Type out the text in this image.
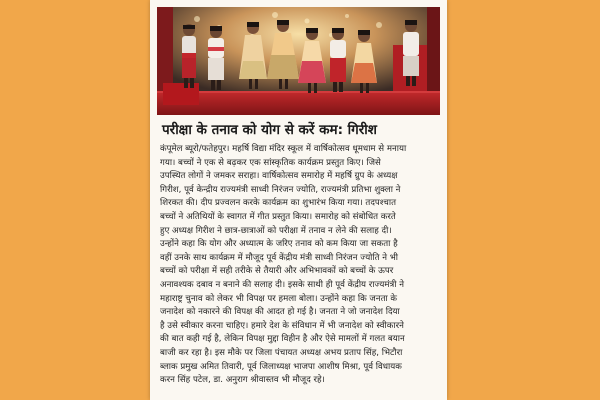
परीक्षा के तनाव को योग से करें कम: गिरीश
कंपूमेल ब्यूरो/फतेहपुर। महर्षि विद्या मंदिर स्कूल में वार्षिकोत्सव धूमधाम से मनाया
गया। बच्चों ने एक से बढ़कर एक सांस्कृतिक कार्यक्रम प्रस्तुत किए। जिसे
उपस्थित लोगों ने जमकर सराहा। वार्षिकोत्सव समारोह में महर्षि ग्रुप के अध्यक्ष
गिरीश, पूर्व केन्द्रीय राज्यमंत्री साध्वी निरंजन ज्योति, राज्यमंत्री प्रतिभा शुक्ला ने
शिरकत की। दीप प्रज्वलन करके कार्यक्रम का शुभारंभ किया गया। तदपश्चात
बच्चों ने अतिथियों के स्वागत में गीत प्रस्तुत किया। समारोह को संबोधित करते
हुए अध्यक्ष गिरीश ने छात्र-छात्राओं को परीक्षा में तनाव न लेने की सलाह दी।
उन्होंने कहा कि योग और अध्यात्म के जरिए तनाव को कम किया जा सकता है
वहीं उनके साथ कार्यक्रम में मौजूद पूर्व केंद्रीय मंत्री साध्वी निरंजन ज्योति ने भी
बच्चों को परीक्षा में सही तरीके से तैयारी और अभिभावकों को बच्चों के ऊपर
अनावश्यक दबाव न बनाने की सलाह दी। इसके साथी ही पूर्व केंद्रीय राज्यमंत्री ने
महाराष्ट्र चुनाव को लेकर भी विपक्ष पर हमला बोला। उन्होंने कहा कि जनता के
जनादेश को नकारने की विपक्ष की आदत हो गई है। जनता ने जो जनादेश दिया
है उसे स्वीकार करना चाहिए। हमारे देश के संविधान में भी जनादेश को स्वीकारने
की बात कही गई है, लेकिन विपक्ष मुद्दा विहीन है और ऐसे मामलों में गलत बयान
बाजी कर रहा है। इस मौके पर जिला पंचायत अध्यक्ष अभय प्रताप सिंह, भिटौरा
ब्लाक प्रमुख अमित तिवारी, पूर्व जिलाध्यक्ष भाजपा आशीष मिश्रा, पूर्व विधायक
करन सिंह पटेल, डा. अनुराग श्रीवास्तव भी मौजूद रहे।
